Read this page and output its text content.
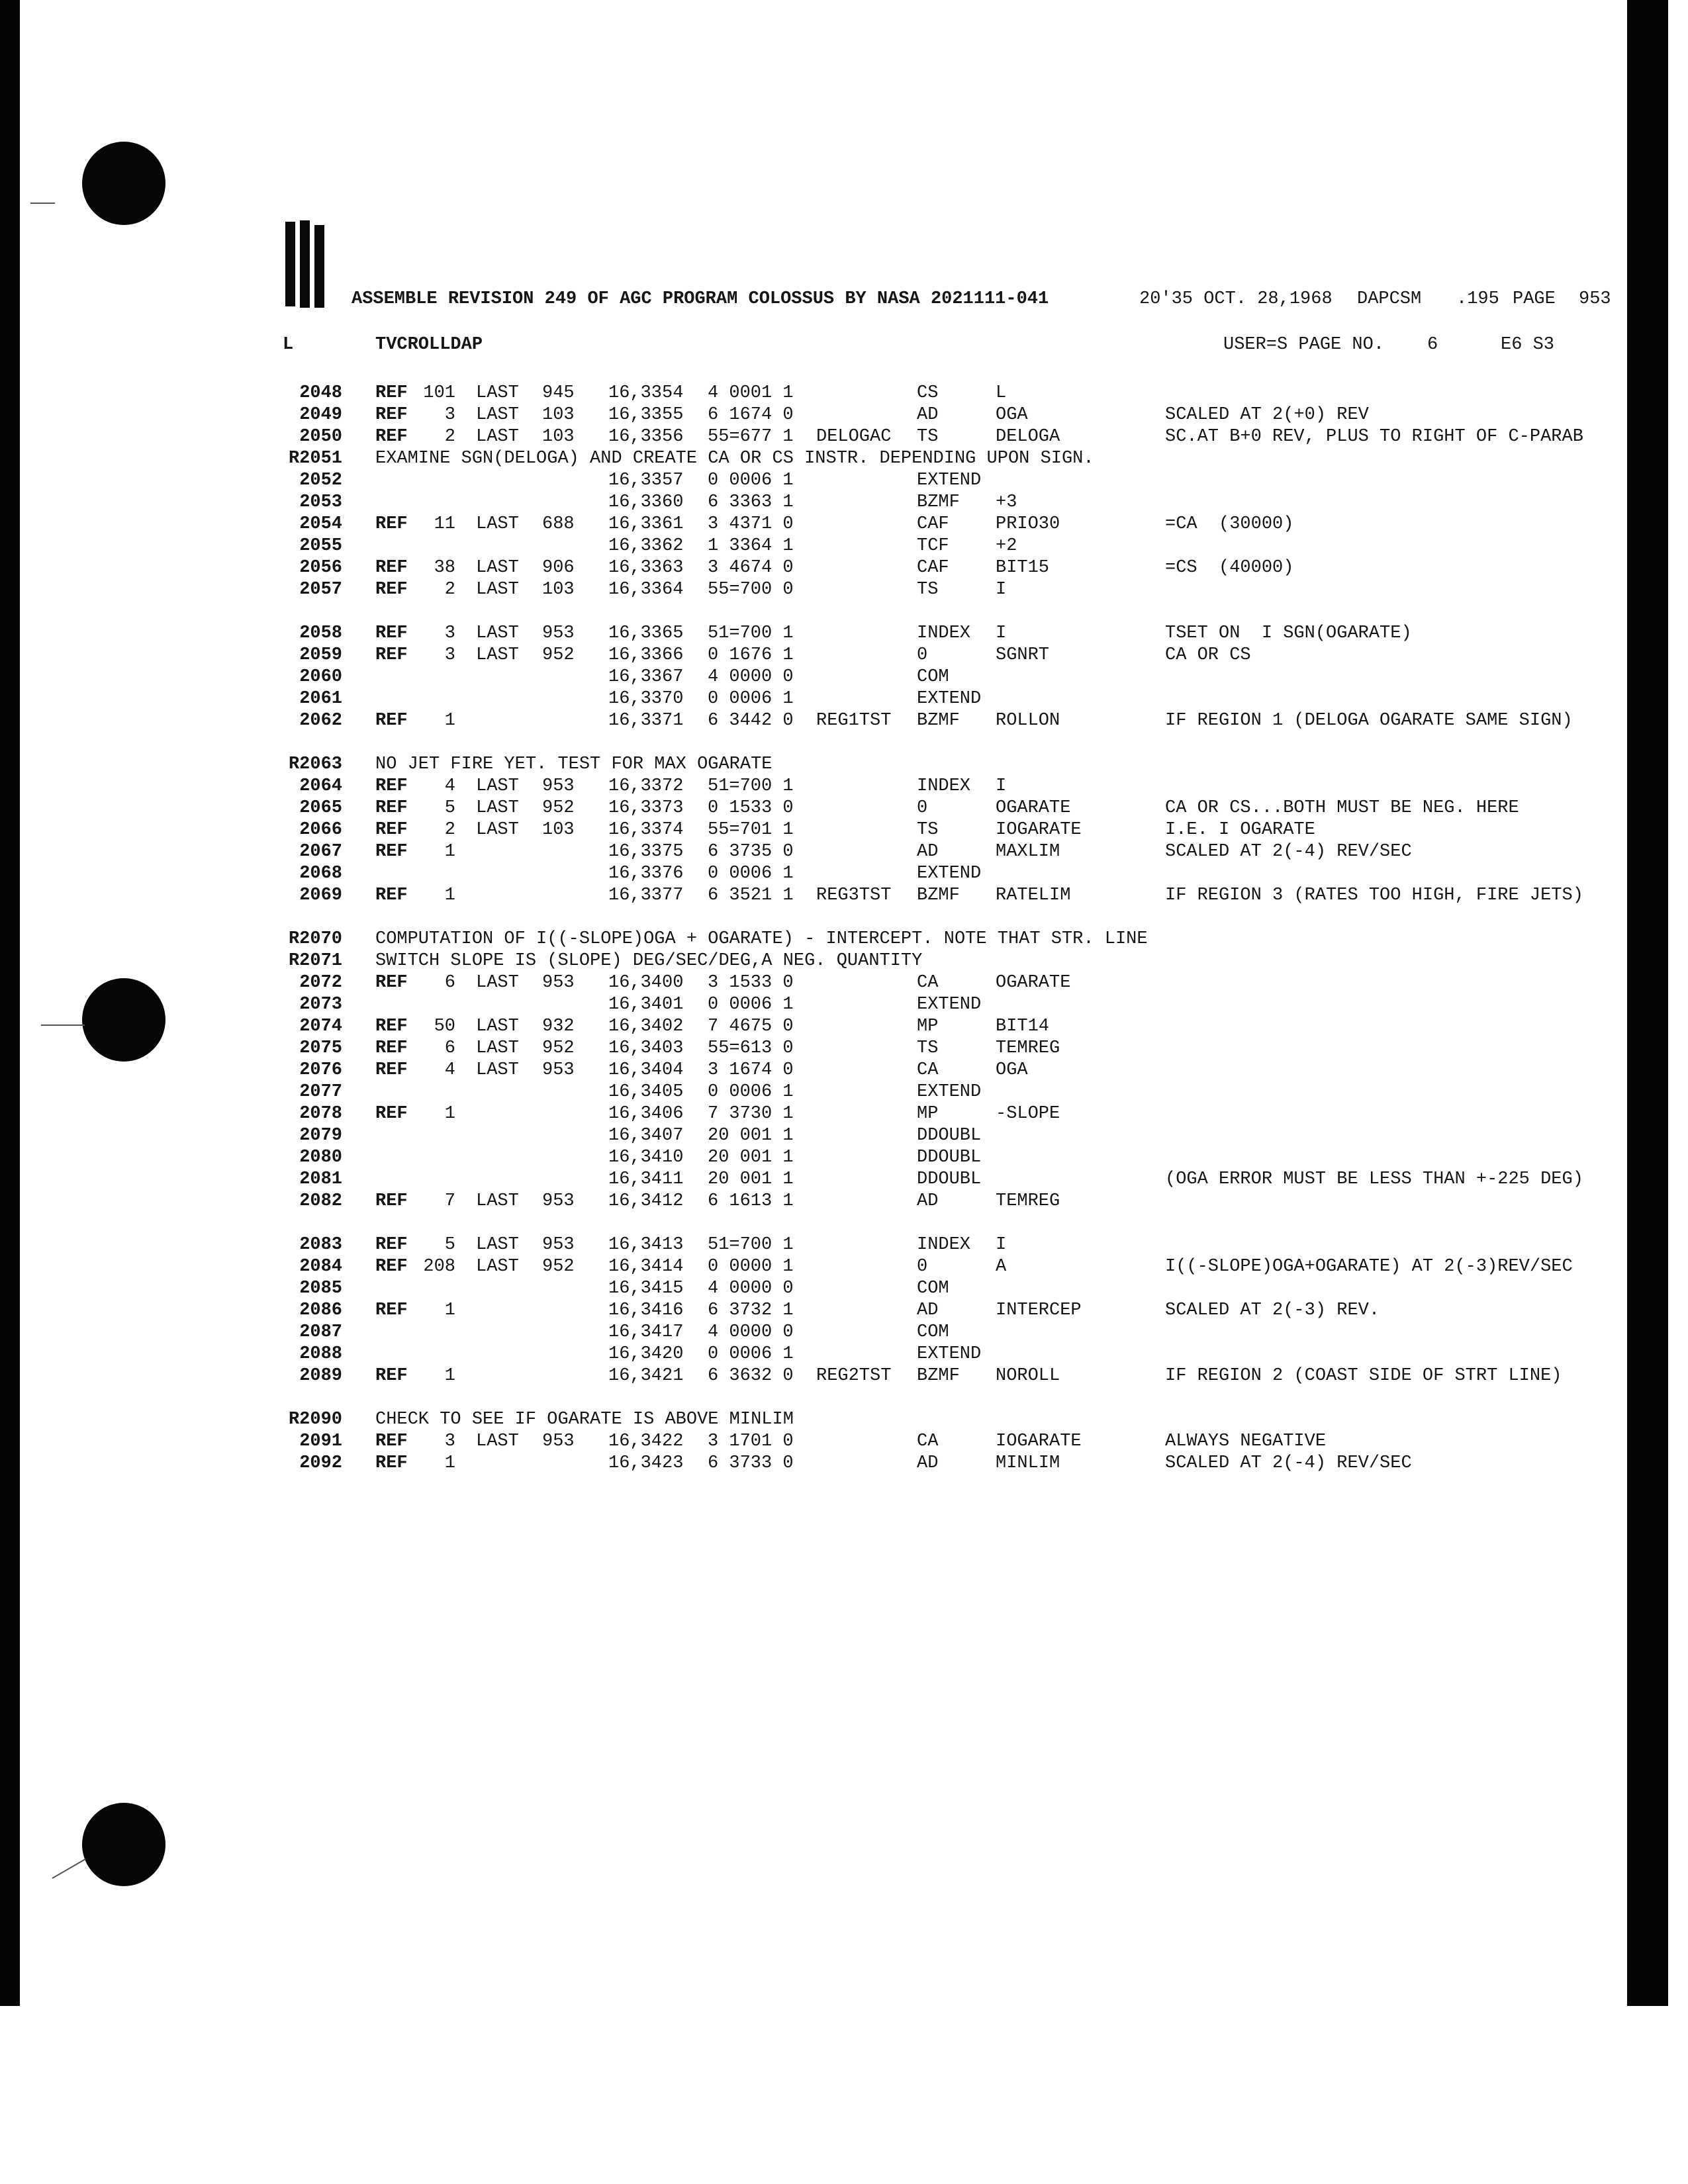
ASSEMBLE REVISION 249 OF AGC PROGRAM COLOSSUS BY NASA 2021111-041	20'35 OCT. 28,1968 DAPCSM .195 PAGE 953
L	TVCROLLDAP	USER=S PAGE NO. 6	E6 S3
2048 REF 101 LAST 945 16,3354 4 0001 1	CS	L
2049 REF	3 LAST 103 16,3355 6 1674 0	AD	OGA	SCALED AT 2(+0) REV
2050 REF	2 LAST 103 16,3356 55=677 1 DELOGAC TS	DELOGA	SC.AT B+0 REV, PLUS TO RIGHT OF C-PARAB
R2051 EXAMINE SGN(DELOGA) AND CREATE CA OR CS INSTR. DEPENDING UPON SIGN.
2052	16,3357 0 0006 1	EXTEND
2053	16,3360 6 3363 1	BZMF +3
2054 REF	11 LAST 688 16,3361 3 4371 0	CAF	PRIO30	=CA  (30000)
2055	16,3362 1 3364 1	TCF	+2
2056 REF	38 LAST 906 16,3363 3 4674 0	CAF	BIT15	=CS  (40000)
2057 REF	2 LAST 103 16,3364 55=700 0	TS	I
2058 REF	3 LAST 953 16,3365 51=700 1	INDEX I	TSET ON  I SGN(OGARATE)
2059 REF	3 LAST 952 16,3366 0 1676 1	0	SGNRT	CA OR CS
2060	16,3367 4 0000 0	COM
2061	16,3370 0 0006 1	EXTEND
2062 REF	1	16,3371 6 3442 0 REG1TST BZMF ROLLON	IF REGION 1 (DELOGA OGARATE SAME SIGN)
R2063 NO JET FIRE YET. TEST FOR MAX OGARATE
2064 REF	4 LAST 953 16,3372 51=700 1	INDEX I
2065 REF	5 LAST 952 16,3373 0 1533 0	0	OGARATE	CA OR CS...BOTH MUST BE NEG. HERE
2066 REF	2 LAST 103 16,3374 55=701 1	TS	IOGARATE	I.E. I OGARATE
2067 REF	1	16,3375 6 3735 0	AD	MAXLIM	SCALED AT 2(-4) REV/SEC
2068	16,3376 0 0006 1	EXTEND
2069 REF	1	16,3377 6 3521 1 REG3TST BZMF RATELIM	IF REGION 3 (RATES TOO HIGH, FIRE JETS)
R2070 COMPUTATION OF I((-SLOPE)OGA + OGARATE) - INTERCEPT. NOTE THAT STR. LINE
R2071 SWITCH SLOPE IS (SLOPE) DEG/SEC/DEG,A NEG. QUANTITY
2072 REF	6 LAST 953 16,3400 3 1533 0	CA	OGARATE
2073	16,3401 0 0006 1	EXTEND
2074 REF	50 LAST 932 16,3402 7 4675 0	MP	BIT14
2075 REF	6 LAST 952 16,3403 55=613 0	TS	TEMREG
2076 REF	4 LAST 953 16,3404 3 1674 0	CA	OGA
2077	16,3405 0 0006 1	EXTEND
2078 REF	1	16,3406 7 3730 1	MP	-SLOPE
2079	16,3407 20 001 1	DDOUBL
2080	16,3410 20 001 1	DDOUBL
2081	16,3411 20 001 1	DDOUBL	(OGA ERROR MUST BE LESS THAN +-225 DEG)
2082 REF	7 LAST 953 16,3412 6 1613 1	AD	TEMREG
2083 REF	5 LAST 953 16,3413 51=700 1	INDEX I
2084 REF 208 LAST 952 16,3414 0 0000 1	0	A	I((-SLOPE)OGA+OGARATE) AT 2(-3)REV/SEC
2085	16,3415 4 0000 0	COM
2086 REF	1	16,3416 6 3732 1	AD	INTERCEP	SCALED AT 2(-3) REV.
2087	16,3417 4 0000 0	COM
2088	16,3420 0 0006 1	EXTEND
2089 REF	1	16,3421 6 3632 0 REG2TST BZMF NOROLL	IF REGION 2 (COAST SIDE OF STRT LINE)
R2090 CHECK TO SEE IF OGARATE IS ABOVE MINLIM
2091 REF	3 LAST 953 16,3422 3 1701 0	CA	IOGARATE	ALWAYS NEGATIVE
2092 REF	1	16,3423 6 3733 0	AD	MINLIM	SCALED AT 2(-4) REV/SEC
